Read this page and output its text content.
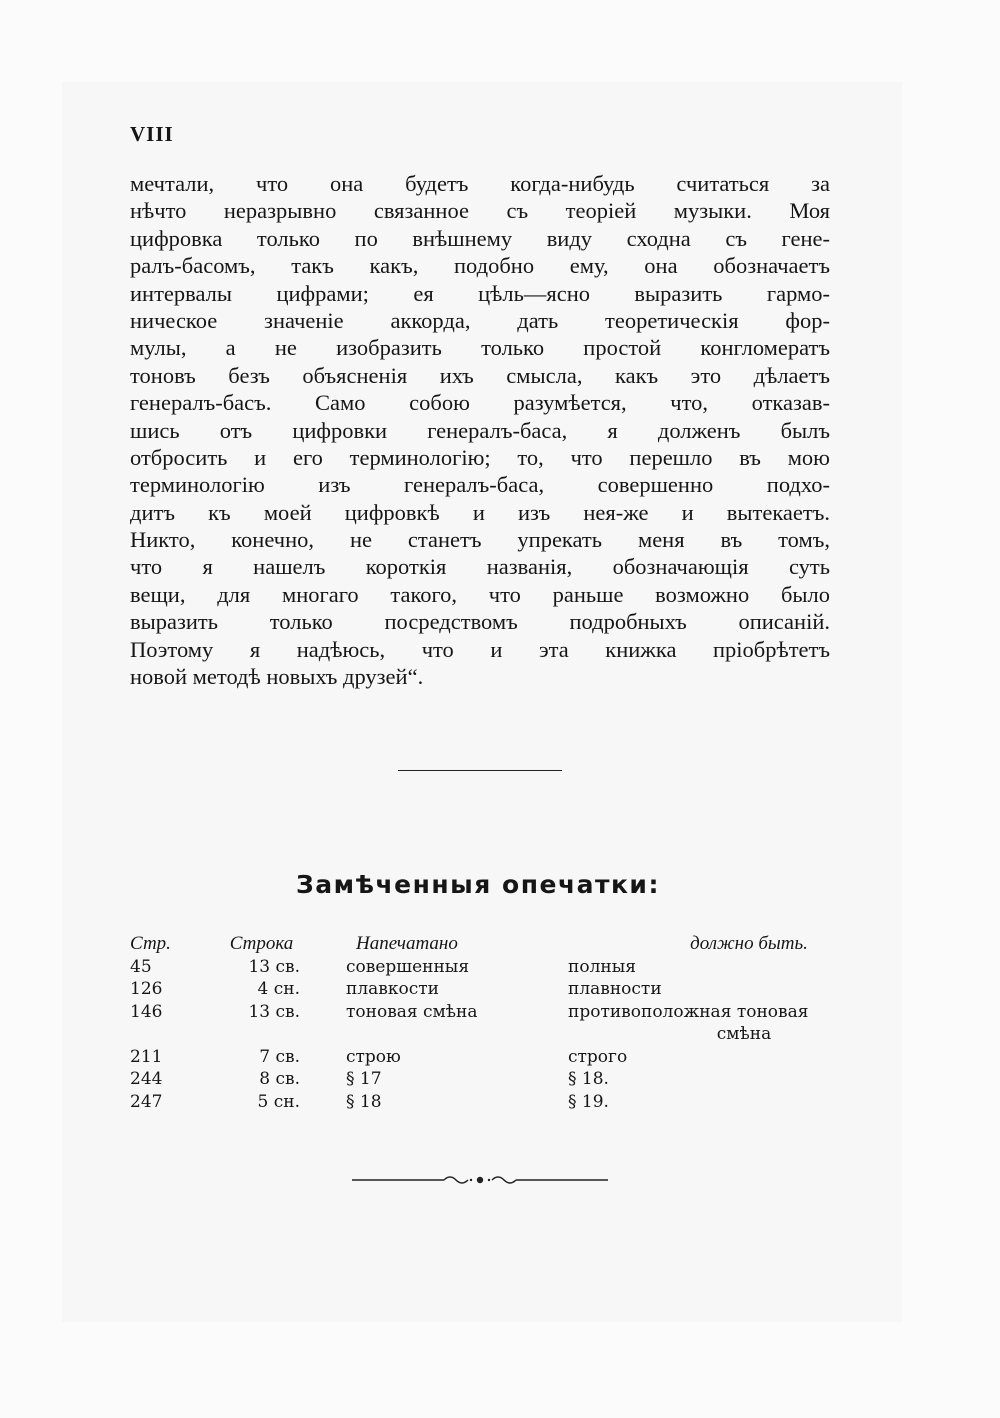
VIII
мечтали, что она будетъ когда-нибудь считаться за
нѣчто неразрывно связанное съ теоріей музыки. Моя
цифровка только по внѣшнему виду сходна съ гене-
ралъ-басомъ, такъ какъ, подобно ему, она обозначаетъ
интервалы цифрами; ея цѣль—ясно выразить гармо-
ническое значеніе аккорда, дать теоретическія фор-
мулы, а не изобразить только простой конгломератъ
тоновъ безъ объясненія ихъ смысла, какъ это дѣлаетъ
генералъ-басъ. Само собою разумѣется, что, отказав-
шись отъ цифровки генералъ-баса, я долженъ былъ
отбросить и его терминологію; то, что перешло въ мою
терминологію изъ генералъ-баса, совершенно подхо-
дитъ къ моей цифровкѣ и изъ нея-же и вытекаетъ.
Никто, конечно, не станетъ упрекать меня въ томъ,
что я нашелъ короткія названія, обозначающія суть
вещи, для многаго такого, что раньше возможно было
выразить только посредствомъ подробныхъ описаній.
Поэтому я надѣюсь, что и эта книжка пріобрѣтетъ
новой методѣ новыхъ друзей“.
Замѣченныя опечатки:
Стр.	Строка	Напечатано	должно быть.
45	13 св.	совершенныя	полныя
126	4 сн.	плавкости	плавности
146	13 св.	тоновая смѣна	противоположная тоновая
смѣна

211	7 св.	строю	строго
244	8 св.	§ 17	§ 18.
247	5 сн.	§ 18	§ 19.
